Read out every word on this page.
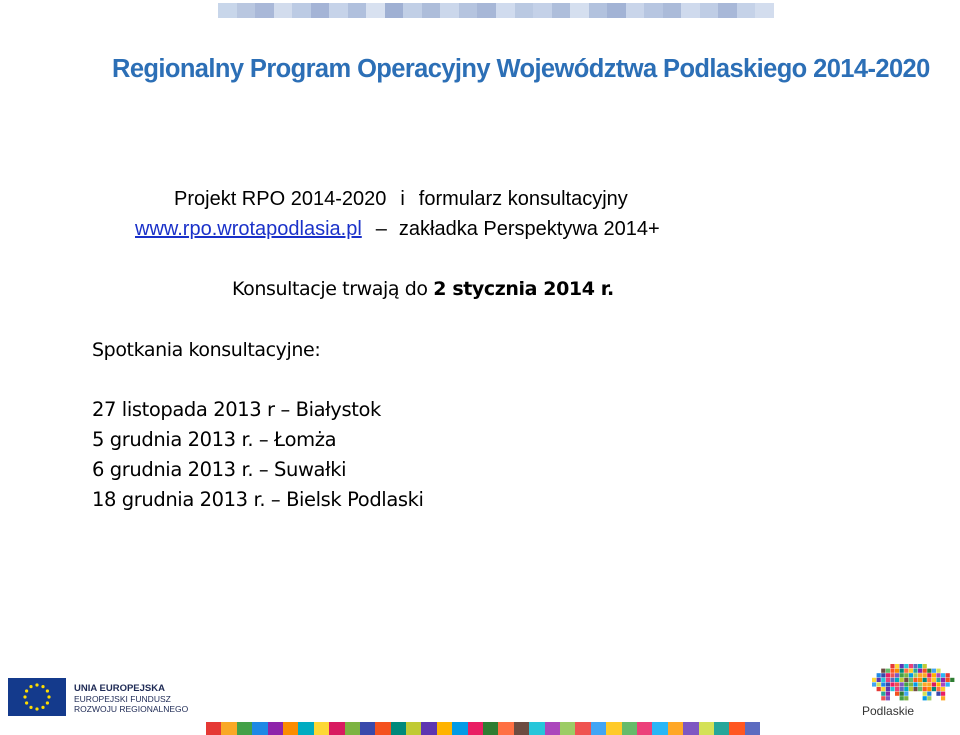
Regionalny Program Operacyjny Województwa Podlaskiego 2014-2020
Projekt RPO 2014-2020 i formularz konsultacyjny
www.rpo.wrotapodlasia.pl – zakładka Perspektywa 2014+
Konsultacje trwają do 2 stycznia 2014 r.
Spotkania konsultacyjne:
27 listopada 2013 r – Białystok
5 grudnia 2013 r. – Łomża
6 grudnia 2013 r. – Suwałki
18 grudnia 2013 r. – Bielsk Podlaski
UNIA EUROPEJSKA
EUROPEJSKI FUNDUSZ
ROZWOJU REGIONALNEGO	Podlaskie
